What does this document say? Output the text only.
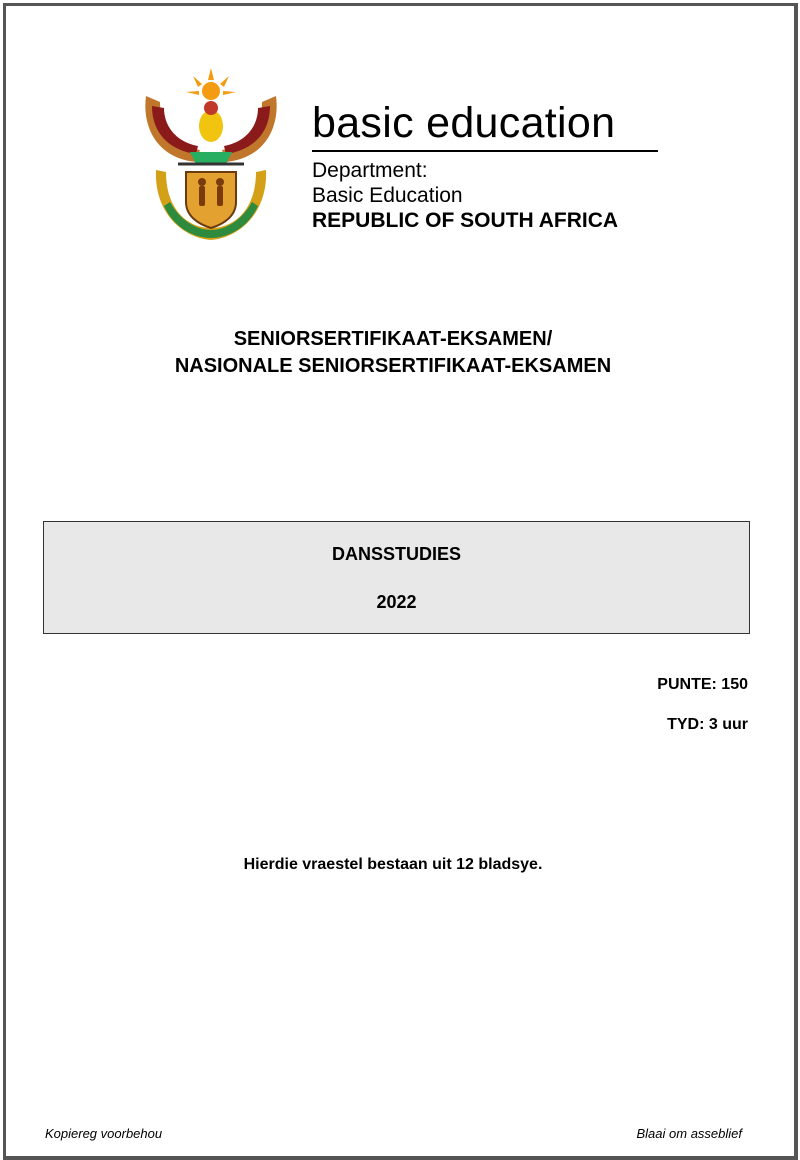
basic education
Department:
Basic Education
REPUBLIC OF SOUTH AFRICA
SENIORSERTIFIKAAT-EKSAMEN/
NASIONALE SENIORSERTIFIKAAT-EKSAMEN
DANSSTUDIES
2022
PUNTE: 150
TYD: 3 uur
Hierdie vraestel bestaan uit 12 bladsye.
Kopiereg voorbehou	Blaai om asseblief
